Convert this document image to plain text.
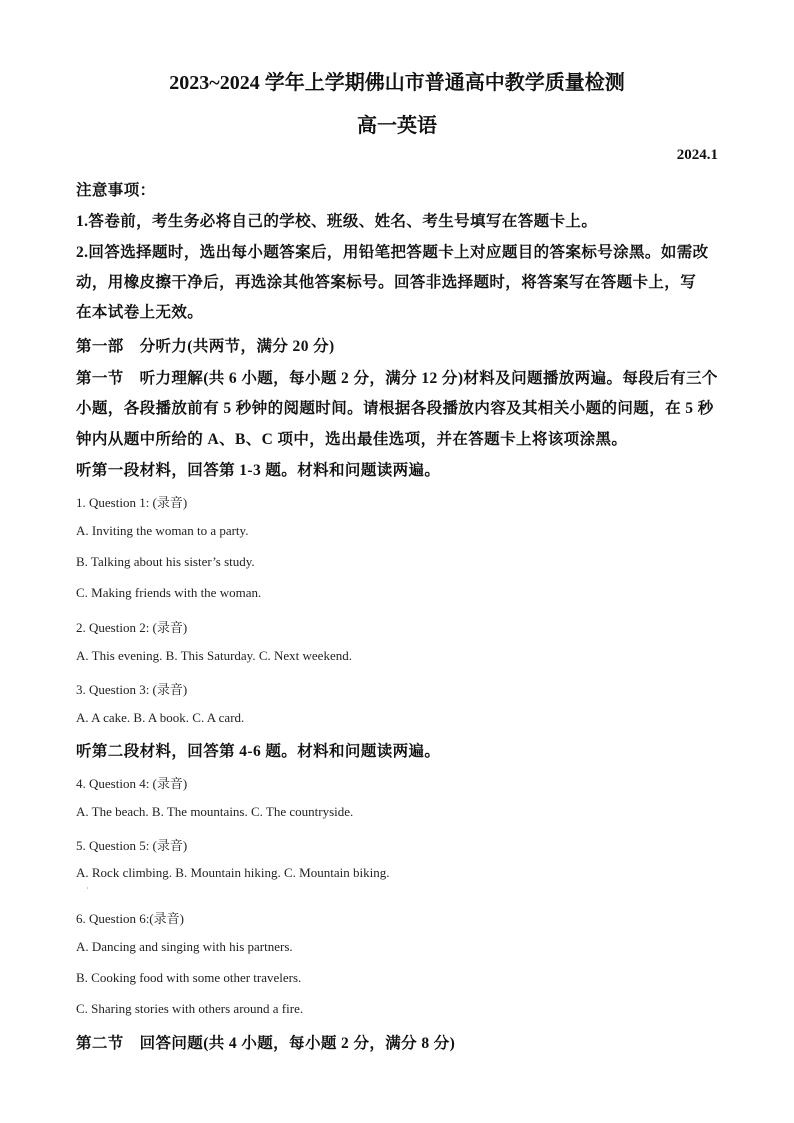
2023~2024 学年上学期佛山市普通高中教学质量检测
高一英语
2024.1
注意事项：
1.答卷前，考生务必将自己的学校、班级、姓名、考生号填写在答题卡上。
2.回答选择题时，选出每小题答案后，用铅笔把答题卡上对应题目的答案标号涂黑。如需改
动，用橡皮擦干净后，再选涂其他答案标号。回答非选择题时，将答案写在答题卡上，写
在本试卷上无效。
第一部　分听力(共两节，满分 20 分)
第一节　听力理解(共 6 小题，每小题 2 分，满分 12 分)材料及问题播放两遍。每段后有三个
小题，各段播放前有 5 秒钟的阅题时间。请根据各段播放内容及其相关小题的问题，在 5 秒
钟内从题中所给的 A、B、C 项中，选出最佳选项，并在答题卡上将该项涂黑。
听第一段材料，回答第 1-3 题。材料和问题读两遍。
1. Question 1: (录音)
A. Inviting the woman to a party.
B. Talking about his sister’s study.
C. Making friends with the woman.
2. Question 2: (录音)
A. This evening. B. This Saturday. C. Next weekend.
3. Question 3: (录音)
A. A cake. B. A book. C. A card.
听第二段材料，回答第 4-6 题。材料和问题读两遍。
4. Question 4: (录音)
A. The beach. B. The mountains. C. The countryside.
5. Question 5: (录音)
A. Rock climbing. B. Mountain hiking. C. Mountain biking.
·
6. Question 6:(录音)
A. Dancing and singing with his partners.
B. Cooking food with some other travelers.
C. Sharing stories with others around a fire.
第二节　回答问题(共 4 小题，每小题 2 分，满分 8 分)
